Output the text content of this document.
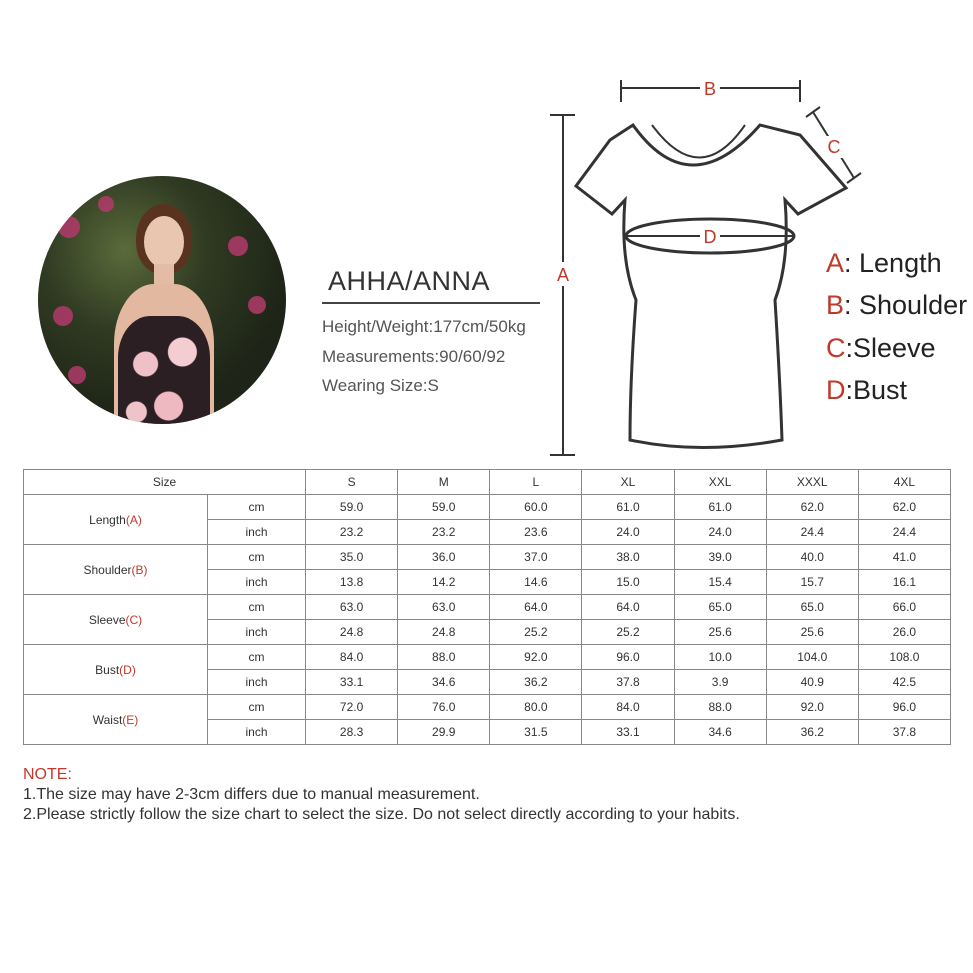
AHHA/ANNA
Height/Weight:177cm/50kg
Measurements:90/60/92
Wearing Size:S
B
A
C
D
A: Length
B: Shoulder
C:Sleeve
D:Bust
Size		S	M	L	XL	XXL	XXXL	4XL
Length(A)	cm	59.0	59.0	60.0	61.0	61.0	62.0	62.0
	inch	23.2	23.2	23.6	24.0	24.0	24.4	24.4
Shoulder(B)	cm	35.0	36.0	37.0	38.0	39.0	40.0	41.0
	inch	13.8	14.2	14.6	15.0	15.4	15.7	16.1
Sleeve(C)	cm	63.0	63.0	64.0	64.0	65.0	65.0	66.0
	inch	24.8	24.8	25.2	25.2	25.6	25.6	26.0
Bust(D)	cm	84.0	88.0	92.0	96.0	10.0	104.0	108.0
	inch	33.1	34.6	36.2	37.8	3.9	40.9	42.5
Waist(E)	cm	72.0	76.0	80.0	84.0	88.0	92.0	96.0
	inch	28.3	29.9	31.5	33.1	34.6	36.2	37.8
NOTE:
1.The size may have 2-3cm differs due to manual measurement.
2.Please strictly follow the size chart to select the size. Do not select directly according to your habits.
